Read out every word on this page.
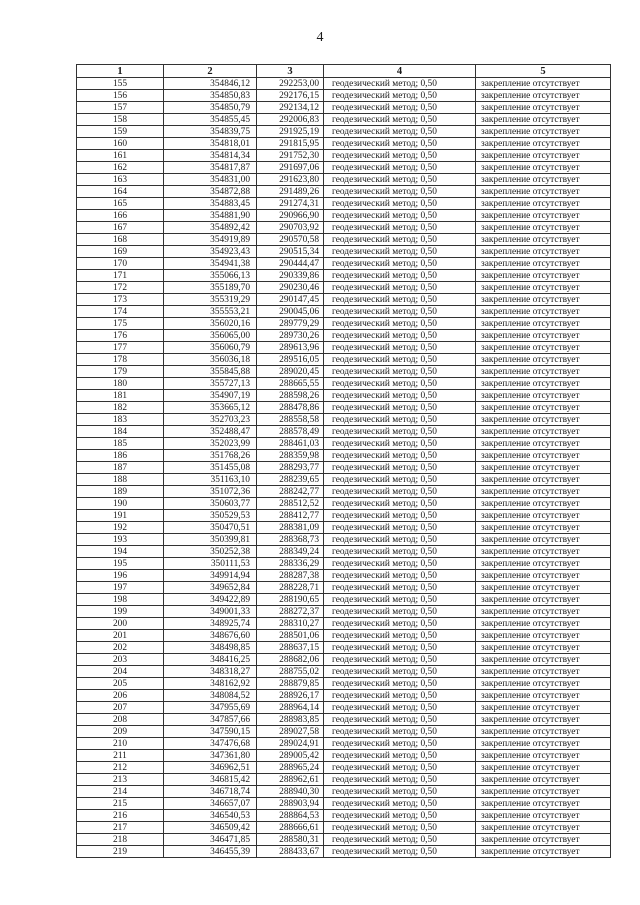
4
1	2	3	4	5
155	354846,12	292253,00	геодезический метод; 0,50	закрепление отсутствует
156	354850,83	292176,15	геодезический метод; 0,50	закрепление отсутствует
157	354850,79	292134,12	геодезический метод; 0,50	закрепление отсутствует
158	354855,45	292006,83	геодезический метод; 0,50	закрепление отсутствует
159	354839,75	291925,19	геодезический метод; 0,50	закрепление отсутствует
160	354818,01	291815,95	геодезический метод; 0,50	закрепление отсутствует
161	354814,34	291752,30	геодезический метод; 0,50	закрепление отсутствует
162	354817,87	291697,06	геодезический метод; 0,50	закрепление отсутствует
163	354831,00	291623,80	геодезический метод; 0,50	закрепление отсутствует
164	354872,88	291489,26	геодезический метод; 0,50	закрепление отсутствует
165	354883,45	291274,31	геодезический метод; 0,50	закрепление отсутствует
166	354881,90	290966,90	геодезический метод; 0,50	закрепление отсутствует
167	354892,42	290703,92	геодезический метод; 0,50	закрепление отсутствует
168	354919,89	290570,58	геодезический метод; 0,50	закрепление отсутствует
169	354923,43	290515,34	геодезический метод; 0,50	закрепление отсутствует
170	354941,38	290444,47	геодезический метод; 0,50	закрепление отсутствует
171	355066,13	290339,86	геодезический метод; 0,50	закрепление отсутствует
172	355189,70	290230,46	геодезический метод; 0,50	закрепление отсутствует
173	355319,29	290147,45	геодезический метод; 0,50	закрепление отсутствует
174	355553,21	290045,06	геодезический метод; 0,50	закрепление отсутствует
175	356020,16	289779,29	геодезический метод; 0,50	закрепление отсутствует
176	356065,00	289730,26	геодезический метод; 0,50	закрепление отсутствует
177	356060,79	289613,96	геодезический метод; 0,50	закрепление отсутствует
178	356036,18	289516,05	геодезический метод; 0,50	закрепление отсутствует
179	355845,88	289020,45	геодезический метод; 0,50	закрепление отсутствует
180	355727,13	288665,55	геодезический метод; 0,50	закрепление отсутствует
181	354907,19	288598,26	геодезический метод; 0,50	закрепление отсутствует
182	353665,12	288478,86	геодезический метод; 0,50	закрепление отсутствует
183	352703,23	288558,58	геодезический метод; 0,50	закрепление отсутствует
184	352488,47	288578,49	геодезический метод; 0,50	закрепление отсутствует
185	352023,99	288461,03	геодезический метод; 0,50	закрепление отсутствует
186	351768,26	288359,98	геодезический метод; 0,50	закрепление отсутствует
187	351455,08	288293,77	геодезический метод; 0,50	закрепление отсутствует
188	351163,10	288239,65	геодезический метод; 0,50	закрепление отсутствует
189	351072,36	288242,77	геодезический метод; 0,50	закрепление отсутствует
190	350603,77	288512,52	геодезический метод; 0,50	закрепление отсутствует
191	350529,53	288412,77	геодезический метод; 0,50	закрепление отсутствует
192	350470,51	288381,09	геодезический метод; 0,50	закрепление отсутствует
193	350399,81	288368,73	геодезический метод; 0,50	закрепление отсутствует
194	350252,38	288349,24	геодезический метод; 0,50	закрепление отсутствует
195	350111,53	288336,29	геодезический метод; 0,50	закрепление отсутствует
196	349914,94	288287,38	геодезический метод; 0,50	закрепление отсутствует
197	349652,84	288228,71	геодезический метод; 0,50	закрепление отсутствует
198	349422,89	288190,65	геодезический метод; 0,50	закрепление отсутствует
199	349001,33	288272,37	геодезический метод; 0,50	закрепление отсутствует
200	348925,74	288310,27	геодезический метод; 0,50	закрепление отсутствует
201	348676,60	288501,06	геодезический метод; 0,50	закрепление отсутствует
202	348498,85	288637,15	геодезический метод; 0,50	закрепление отсутствует
203	348416,25	288682,06	геодезический метод; 0,50	закрепление отсутствует
204	348318,27	288755,02	геодезический метод; 0,50	закрепление отсутствует
205	348162,92	288879,85	геодезический метод; 0,50	закрепление отсутствует
206	348084,52	288926,17	геодезический метод; 0,50	закрепление отсутствует
207	347955,69	288964,14	геодезический метод; 0,50	закрепление отсутствует
208	347857,66	288983,85	геодезический метод; 0,50	закрепление отсутствует
209	347590,15	289027,58	геодезический метод; 0,50	закрепление отсутствует
210	347476,68	289024,91	геодезический метод; 0,50	закрепление отсутствует
211	347361,80	289005,42	геодезический метод; 0,50	закрепление отсутствует
212	346962,51	288965,24	геодезический метод; 0,50	закрепление отсутствует
213	346815,42	288962,61	геодезический метод; 0,50	закрепление отсутствует
214	346718,74	288940,30	геодезический метод; 0,50	закрепление отсутствует
215	346657,07	288903,94	геодезический метод; 0,50	закрепление отсутствует
216	346540,53	288864,53	геодезический метод; 0,50	закрепление отсутствует
217	346509,42	288666,61	геодезический метод; 0,50	закрепление отсутствует
218	346471,85	288580,31	геодезический метод; 0,50	закрепление отсутствует
219	346455,39	288433,67	геодезический метод; 0,50	закрепление отсутствует
